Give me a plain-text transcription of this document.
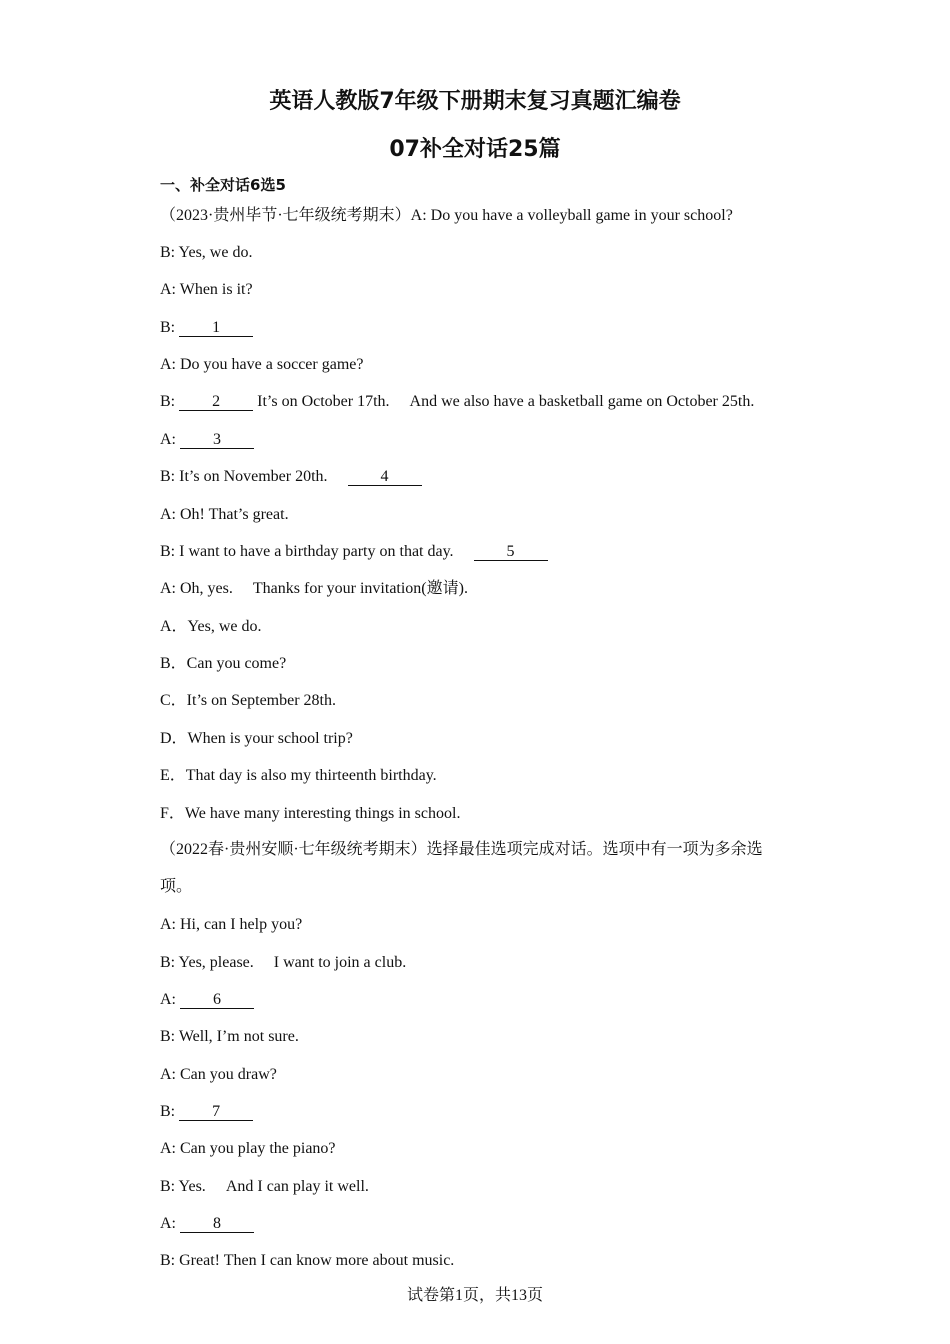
英语人教版7年级下册期末复习真题汇编卷
07补全对话25篇
一、补全对话6选5
（2023·贵州毕节·七年级统考期末）A: Do you have a volleyball game in your school?
B: Yes, we do.
A: When is it?
B: 1
A: Do you have a soccer game?
B: 2 It’s on October 17th. And we also have a basketball game on October 25th.
A: 3
B: It’s on November 20th.	4
A: Oh! That’s great.
B: I want to have a birthday party on that day.	5
A: Oh, yes. Thanks for your invitation(邀请).
A．Yes, we do.
B．Can you come?
C．It’s on September 28th.
D．When is your school trip?
E．That day is also my thirteenth birthday.
F．We have many interesting things in school.
（2022春·贵州安顺·七年级统考期末）选择最佳选项完成对话。选项中有一项为多余选
项。
A: Hi, can I help you?
B: Yes, please. I want to join a club.
A: 6
B: Well, I’m not sure.
A: Can you draw?
B: 7
A: Can you play the piano?
B: Yes. And I can play it well.
A: 8
B: Great! Then I can know more about music.
试卷第1页，共13页
